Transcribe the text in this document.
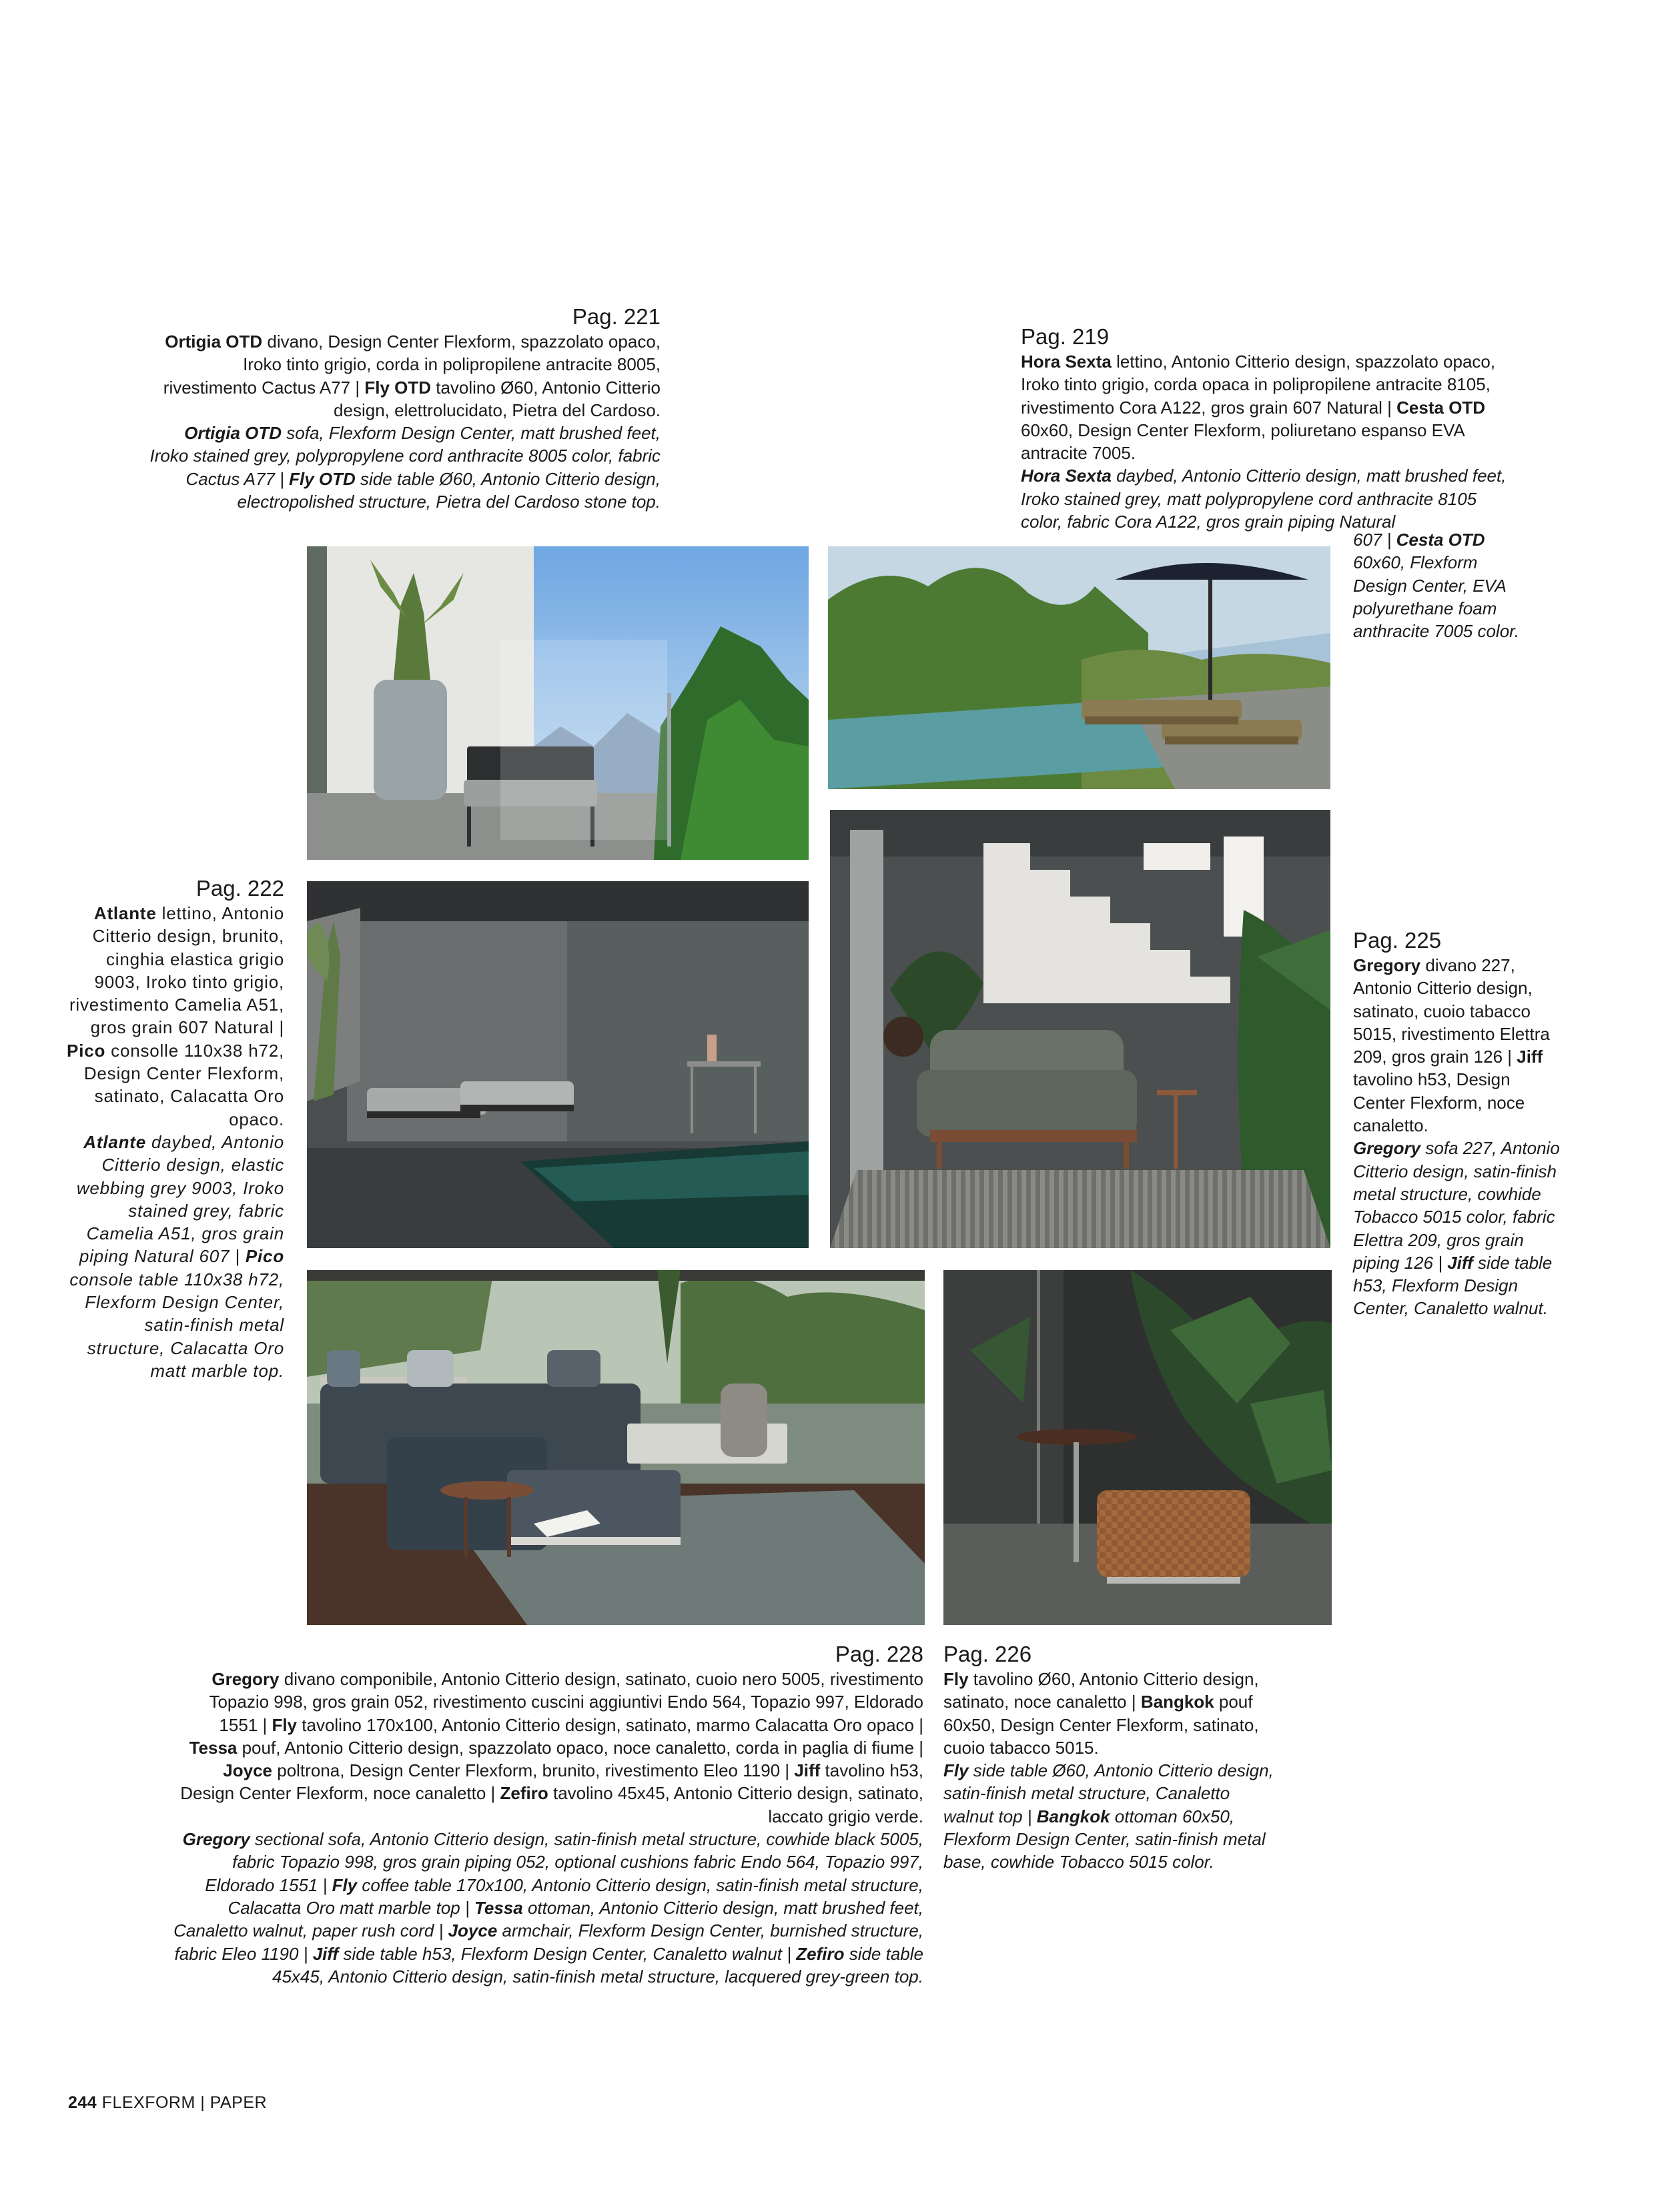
Pag. 221

Ortigia OTD divano, Design Center Flexform, spazzolato opaco, Iroko tinto grigio, corda in polipropilene antracite 8005, rivestimento Cactus A77 | Fly OTD tavolino Ø60, Antonio Citterio design, elettrolucidato, Pietra del Cardoso.

Ortigia OTD sofa, Flexform Design Center, matt brushed feet, Iroko stained grey, polypropylene cord anthracite 8005 color, fabric Cactus A77 | Fly OTD side table Ø60, Antonio Citterio design, electropolished structure, Pietra del Cardoso stone top.

Pag. 219

Hora Sexta lettino, Antonio Citterio design, spazzolato opaco, Iroko tinto grigio, corda opaca in polipropilene antracite 8105, rivestimento Cora A122, gros grain 607 Natural | Cesta OTD 60x60, Design Center Flexform, poliuretano espanso EVA antracite 7005.

Hora Sexta daybed, Antonio Citterio design, matt brushed feet, Iroko stained grey, matt polypropylene cord anthracite 8105 color, fabric Cora A122, gros grain piping Natural

607 | Cesta OTD 60x60, Flexform Design Center, EVA polyurethane foam anthracite 7005 color.

Pag. 222

Atlante lettino, Antonio Citterio design, brunito, cinghia elastica grigio 9003, Iroko tinto grigio, rivestimento Camelia A51, gros grain 607 Natural | Pico consolle 110x38 h72, Design Center Flexform, satinato, Calacatta Oro opaco.

Atlante daybed, Antonio Citterio design, elastic webbing grey 9003, Iroko stained grey, fabric Camelia A51, gros grain piping Natural 607 | Pico console table 110x38 h72, Flexform Design Center, satin-finish metal structure, Calacatta Oro matt marble top.

Pag. 225

Gregory divano 227, Antonio Citterio design, satinato, cuoio tabacco 5015, rivestimento Elettra 209, gros grain 126 | Jiff tavolino h53, Design Center Flexform, noce canaletto.

Gregory sofa 227, Antonio Citterio design, satin-finish metal structure, cowhide Tobacco 5015 color, fabric Elettra 209, gros grain piping 126 | Jiff side table h53, Flexform Design Center, Canaletto walnut.

Pag. 228

Gregory divano componibile, Antonio Citterio design, satinato, cuoio nero 5005, rivestimento Topazio 998, gros grain 052, rivestimento cuscini aggiuntivi Endo 564, Topazio 997, Eldorado 1551 | Fly tavolino 170x100, Antonio Citterio design, satinato, marmo Calacatta Oro opaco | Tessa pouf, Antonio Citterio design, spazzolato opaco, noce canaletto, corda in paglia di fiume | Joyce poltrona, Design Center Flexform, brunito, rivestimento Eleo 1190 | Jiff tavolino h53, Design Center Flexform, noce canaletto | Zefiro tavolino 45x45, Antonio Citterio design, satinato, laccato grigio verde.

Gregory sectional sofa, Antonio Citterio design, satin-finish metal structure, cowhide black 5005, fabric Topazio 998, gros grain piping 052, optional cushions fabric Endo 564, Topazio 997, Eldorado 1551 | Fly coffee table 170x100, Antonio Citterio design, satin-finish metal structure, Calacatta Oro matt marble top | Tessa ottoman, Antonio Citterio design, matt brushed feet, Canaletto walnut, paper rush cord | Joyce armchair, Flexform Design Center, burnished structure, fabric Eleo 1190 | Jiff side table h53, Flexform Design Center, Canaletto walnut | Zefiro side table 45x45, Antonio Citterio design, satin-finish metal structure, lacquered grey-green top.

Pag. 226

Fly tavolino Ø60, Antonio Citterio design, satinato, noce canaletto | Bangkok pouf 60x50, Design Center Flexform, satinato, cuoio tabacco 5015.

Fly side table Ø60, Antonio Citterio design, satin-finish metal structure, Canaletto walnut top | Bangkok ottoman 60x50, Flexform Design Center, satin-finish metal base, cowhide Tobacco 5015 color.

244 FLEXFORM | PAPER
